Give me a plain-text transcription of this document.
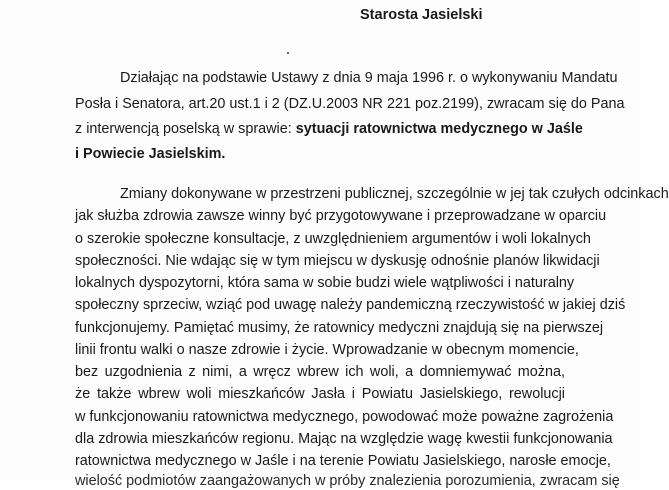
Starosta Jasielski
Działając na podstawie Ustawy z dnia 9 maja 1996 r. o wykonywaniu Mandatu
Posła i Senatora, art.20 ust.1 i 2 (DZ.U.2003 NR 221 poz.2199), zwracam się do Pana
z interwencją poselską w sprawie: sytuacji ratownictwa medycznego w Jaśle
i Powiecie Jasielskim.
Zmiany dokonywane w przestrzeni publicznej, szczególnie w jej tak czułych odcinkach
jak służba zdrowia zawsze winny być przygotowywane i przeprowadzane w oparciu
o szerokie społeczne konsultacje, z uwzględnieniem argumentów i woli lokalnych
społeczności. Nie wdając się w tym miejscu w dyskusję odnośnie planów likwidacji
lokalnych dyspozytorni, która sama w sobie budzi wiele wątpliwości i naturalny
społeczny sprzeciw, wziąć pod uwagę należy pandemiczną rzeczywistość w jakiej dziś
funkcjonujemy. Pamiętać musimy, że ratownicy medyczni znajdują się na pierwszej
linii frontu walki o nasze zdrowie i życie. Wprowadzanie w obecnym momencie,
bez uzgodnienia z nimi, a wręcz wbrew ich woli, a domniemywać można,
że także wbrew woli mieszkańców Jasła i Powiatu Jasielskiego, rewolucji
w funkcjonowaniu ratownictwa medycznego, powodować może poważne zagrożenia
dla zdrowia mieszkańców regionu. Mając na względzie wagę kwestii funkcjonowania
ratownictwa medycznego w Jaśle i na terenie Powiatu Jasielskiego, narosłe emocje,
wielość podmiotów zaangażowanych w próby znalezienia porozumienia, zwracam się
